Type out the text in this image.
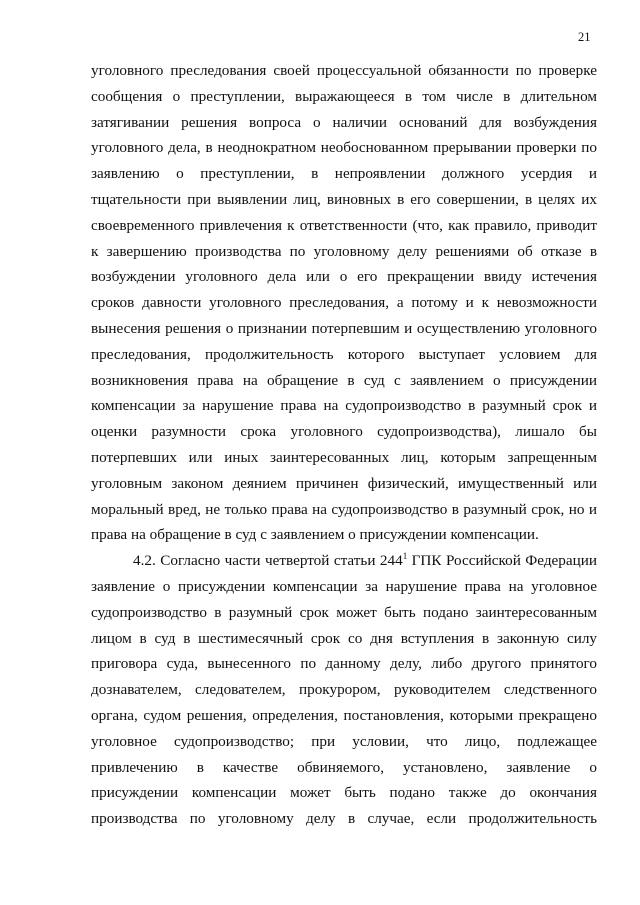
21
уголовного преследования своей процессуальной обязанности по проверке
сообщения о преступлении, выражающееся в том числе в длительном
затягивании решения вопроса о наличии оснований для возбуждения
уголовного дела, в неоднократном необоснованном прерывании проверки по
заявлению о преступлении, в непроявлении должного усердия и
тщательности при выявлении лиц, виновных в его совершении, в целях их
своевременного привлечения к ответственности (что, как правило, приводит
к завершению производства по уголовному делу решениями об отказе в
возбуждении уголовного дела или о его прекращении ввиду истечения
сроков давности уголовного преследования, а потому и к невозможности
вынесения решения о признании потерпевшим и осуществлению уголовного
преследования, продолжительность которого выступает условием для
возникновения права на обращение в суд с заявлением о присуждении
компенсации за нарушение права на судопроизводство в разумный срок и
оценки разумности срока уголовного судопроизводства), лишало бы
потерпевших или иных заинтересованных лиц, которым запрещенным
уголовным законом деянием причинен физический, имущественный или
моральный вред, не только права на судопроизводство в разумный срок, но и
права на обращение в суд с заявлением о присуждении компенсации.
4.2. Согласно части четвертой статьи $244^1$ ГПК Российской Федерации
заявление о присуждении компенсации за нарушение права на уголовное
судопроизводство в разумный срок может быть подано заинтересованным
лицом в суд в шестимесячный срок со дня вступления в законную силу
приговора суда, вынесенного по данному делу, либо другого принятого
дознавателем, следователем, прокурором, руководителем следственного
органа, судом решения, определения, постановления, которыми прекращено
уголовное судопроизводство; при условии, что лицо, подлежащее
привлечению в качестве обвиняемого, установлено, заявление о
присуждении компенсации может быть подано также до окончания
производства по уголовному делу в случае, если продолжительность
